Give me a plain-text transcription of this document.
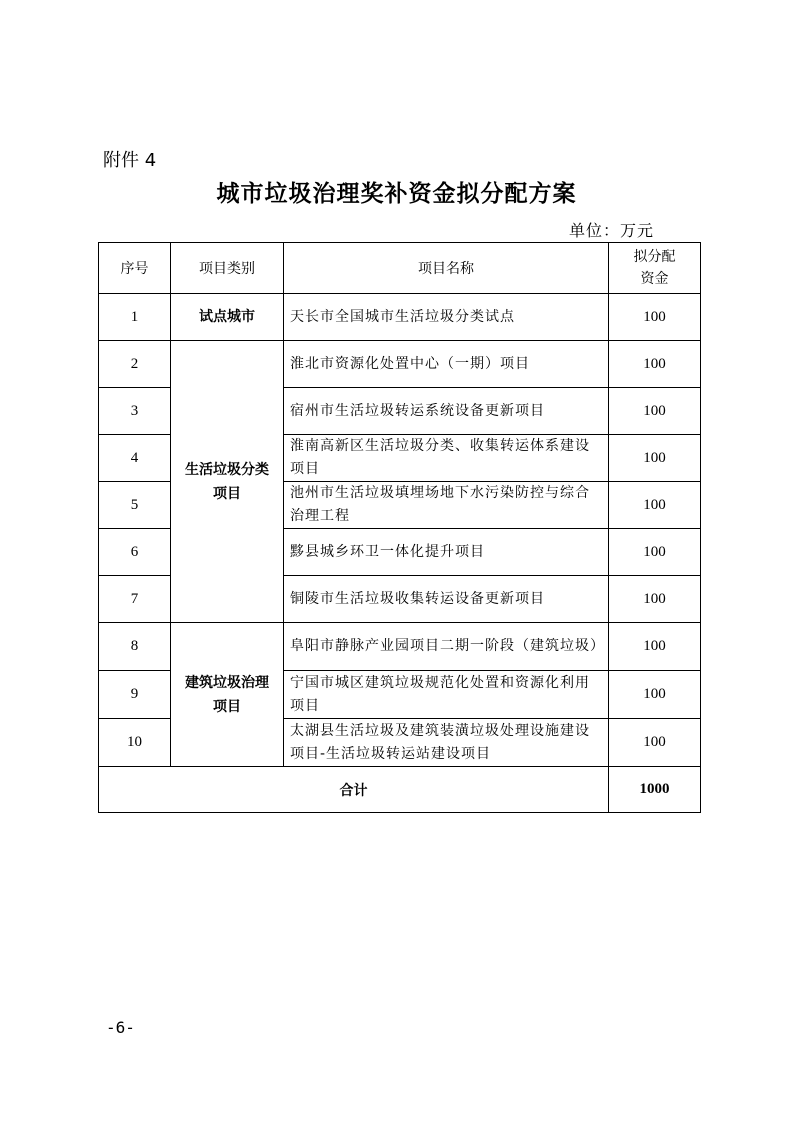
附件 4
城市垃圾治理奖补资金拟分配方案
单位：万元
序号	项目类别	项目名称	拟分配资金

1	试点城市	天长市全国城市生活垃圾分类试点	100
2	生活垃圾分类项目	淮北市资源化处置中心（一期）项目	100
3		宿州市生活垃圾转运系统设备更新项目	100
4		淮南高新区生活垃圾分类、收集转运体系建设项目	100
5		池州市生活垃圾填埋场地下水污染防控与综合治理工程	100
6		黟县城乡环卫一体化提升项目	100
7		铜陵市生活垃圾收集转运设备更新项目	100
8	建筑垃圾治理项目	阜阳市静脉产业园项目二期一阶段（建筑垃圾）	100
9		宁国市城区建筑垃圾规范化处置和资源化利用项目	100
10		太湖县生活垃圾及建筑装潢垃圾处理设施建设项目-生活垃圾转运站建设项目	100
合计			1000
-6-
